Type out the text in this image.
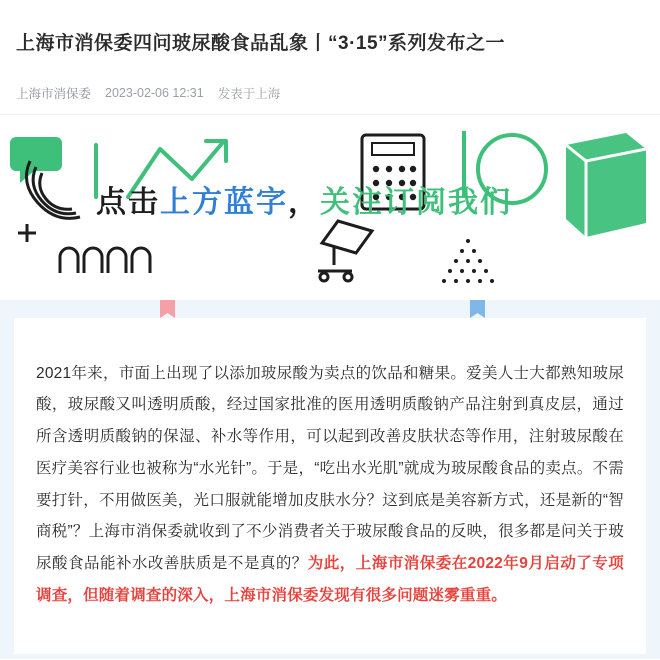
上海市消保委四问玻尿酸食品乱象丨“3·15”系列发布之一
上海市消保委 2023-02-06 12:31 发表于上海
点击上方蓝字，关注订阅我们

2021年来，市面上出现了以添加玻尿酸为卖点的饮品和糖果。爱美人士大都熟知玻尿酸，玻尿酸又叫透明质酸，经过国家批准的医用透明质酸钠产品注射到真皮层，通过所含透明质酸钠的保湿、补水等作用，可以起到改善皮肤状态等作用，注射玻尿酸在医疗美容行业也被称为“水光针”。于是，“吃出水光肌”就成为玻尿酸食品的卖点。不需要打针，不用做医美，光口服就能增加皮肤水分？这到底是美容新方式，还是新的“智商税”？上海市消保委就收到了不少消费者关于玻尿酸食品的反映，很多都是问关于玻尿酸食品能补水改善肤质是不是真的？为此，上海市消保委在2022年9月启动了专项调查，但随着调查的深入，上海市消保委发现有很多问题迷雾重重。
